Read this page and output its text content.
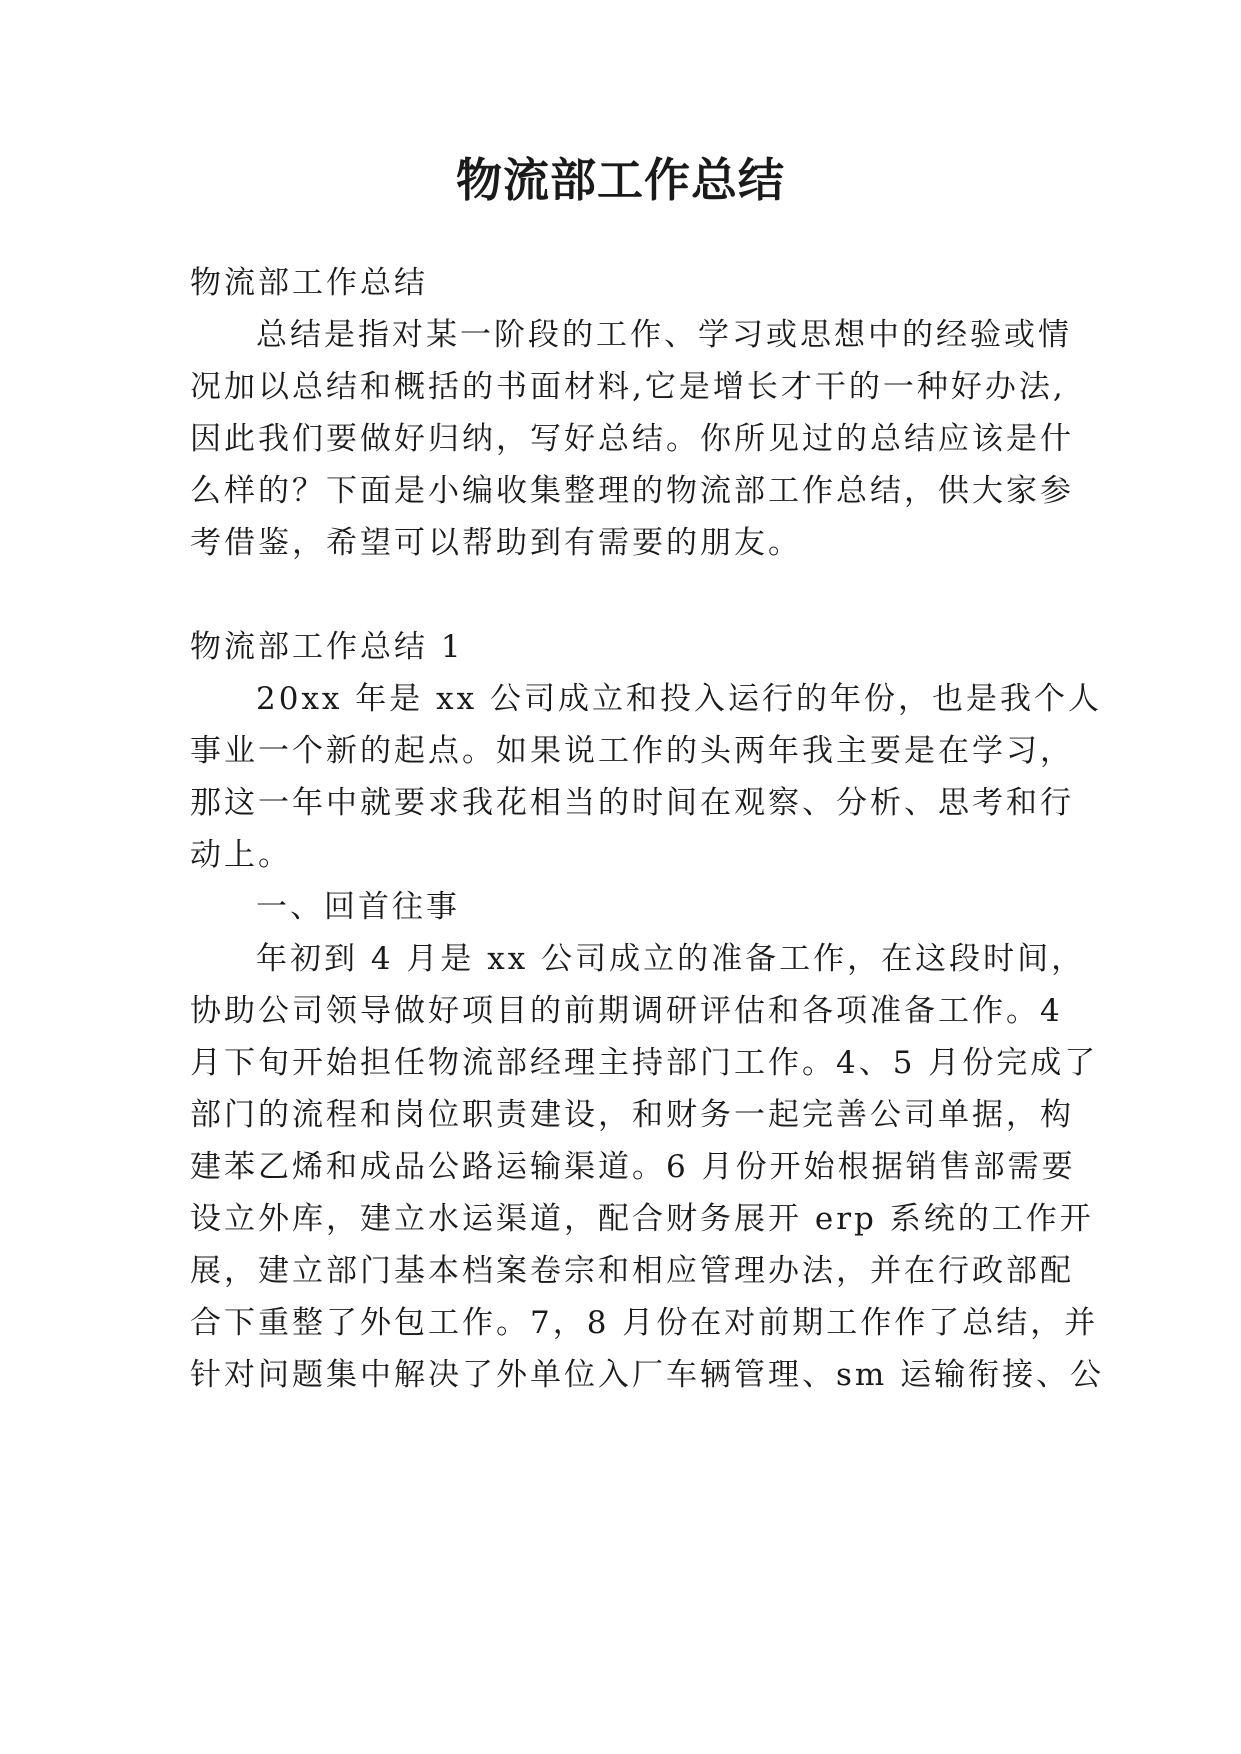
物流部工作总结
物流部工作总结
总结是指对某一阶段的工作、学习或思想中的经验或情
况加以总结和概括的书面材料,它是增长才干的一种好办法,
因此我们要做好归纳，写好总结。你所见过的总结应该是什
么样的？下面是小编收集整理的物流部工作总结，供大家参
考借鉴，希望可以帮助到有需要的朋友。
物流部工作总结 1
20xx 年是 xx 公司成立和投入运行的年份，也是我个人
事业一个新的起点。如果说工作的头两年我主要是在学习，
那这一年中就要求我花相当的时间在观察、分析、思考和行
动上。
一、回首往事
年初到 4 月是 xx 公司成立的准备工作，在这段时间，
协助公司领导做好项目的前期调研评估和各项准备工作。4
月下旬开始担任物流部经理主持部门工作。4、5 月份完成了
部门的流程和岗位职责建设，和财务一起完善公司单据，构
建苯乙烯和成品公路运输渠道。6 月份开始根据销售部需要
设立外库，建立水运渠道，配合财务展开 erp 系统的工作开
展，建立部门基本档案卷宗和相应管理办法，并在行政部配
合下重整了外包工作。7，8 月份在对前期工作作了总结，并
针对问题集中解决了外单位入厂车辆管理、sm 运输衔接、公
